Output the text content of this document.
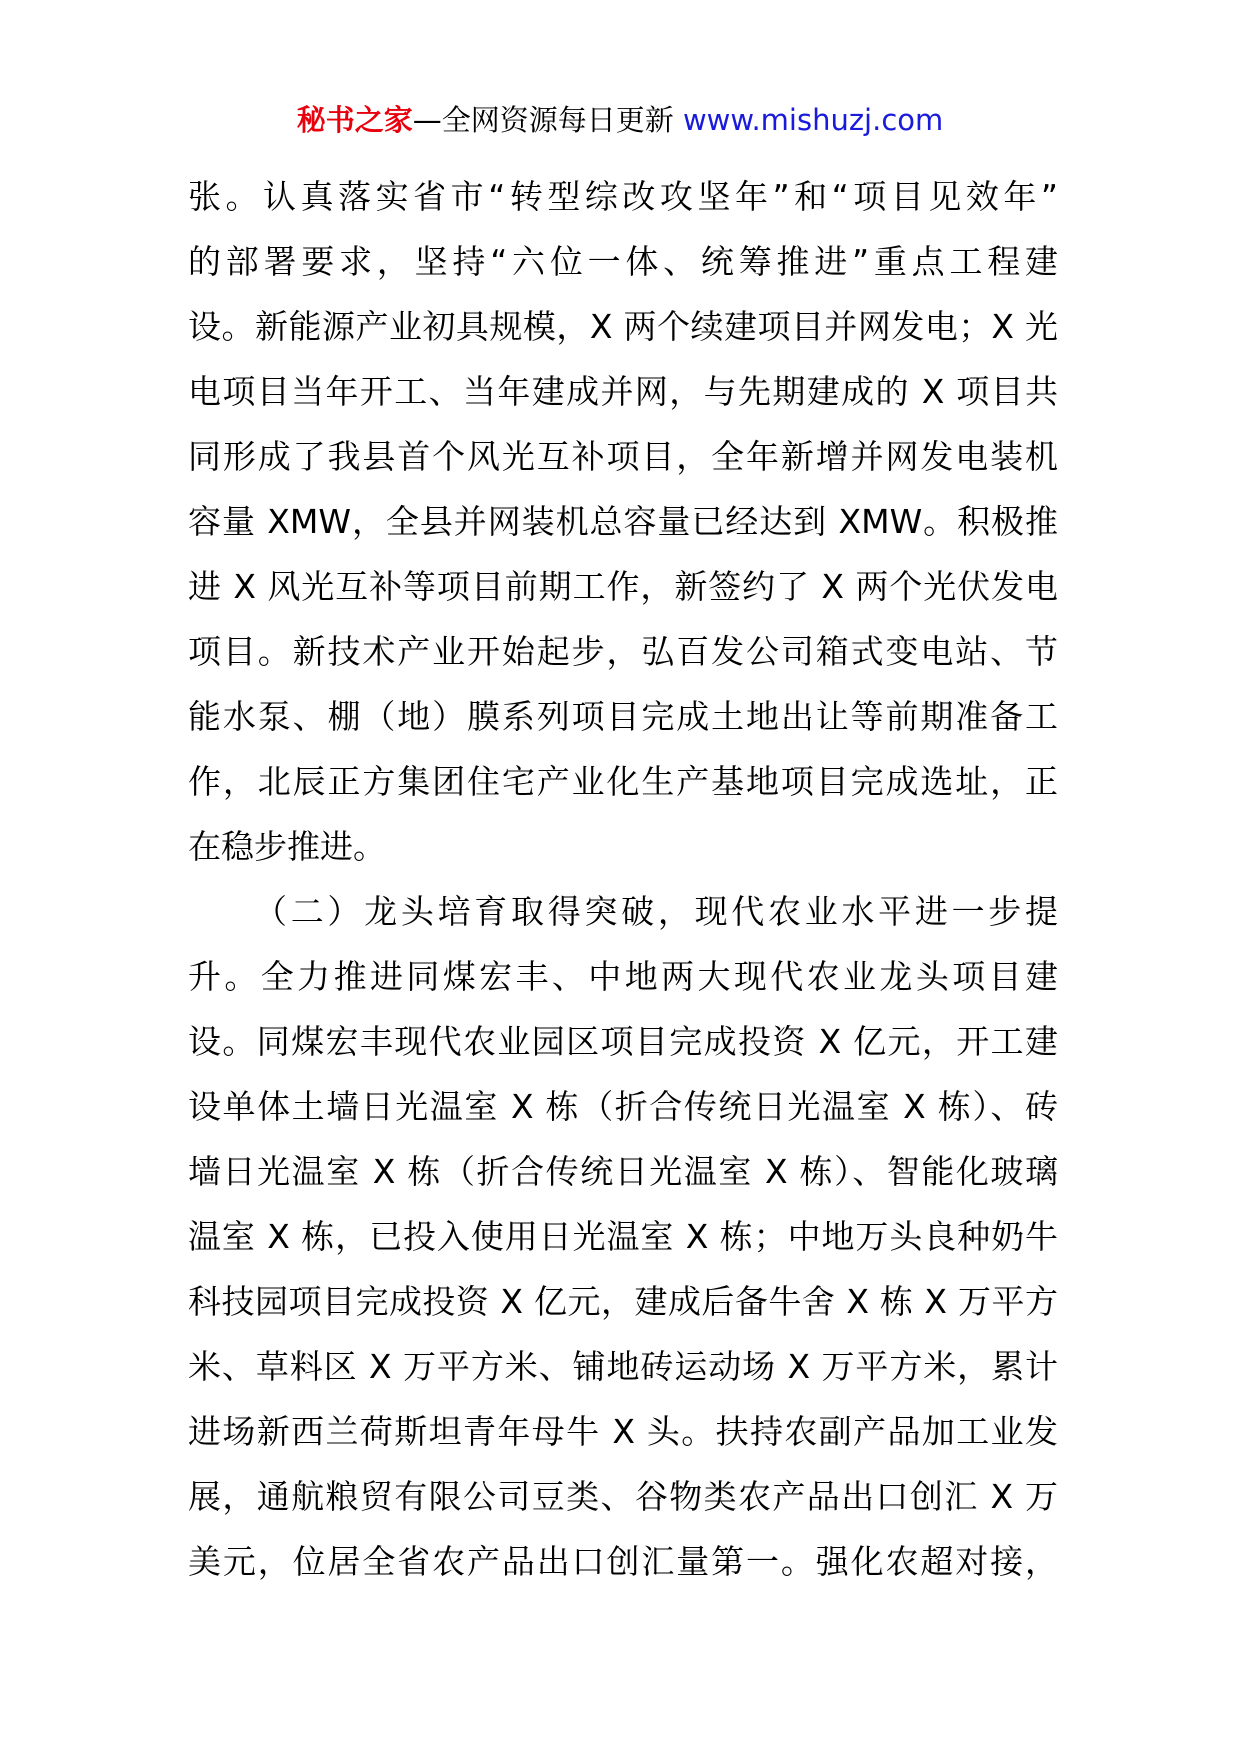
秘书之家—全网资源每日更新 www.mishuzj.com
张。认真落实省市“转型综改攻坚年”和“项目见效年”
的部署要求，坚持“六位一体、统筹推进”重点工程建
设。新能源产业初具规模，X 两个续建项目并网发电；X 光
电项目当年开工、当年建成并网，与先期建成的 X 项目共
同形成了我县首个风光互补项目，全年新增并网发电装机
容量 XMW，全县并网装机总容量已经达到 XMW。积极推
进 X 风光互补等项目前期工作，新签约了 X 两个光伏发电
项目。新技术产业开始起步，弘百发公司箱式变电站、节
能水泵、棚（地）膜系列项目完成土地出让等前期准备工
作，北辰正方集团住宅产业化生产基地项目完成选址，正
在稳步推进。
（二）龙头培育取得突破，现代农业水平进一步提
升。全力推进同煤宏丰、中地两大现代农业龙头项目建
设。同煤宏丰现代农业园区项目完成投资 X 亿元，开工建
设单体土墙日光温室 X 栋（折合传统日光温室 X 栋）、砖
墙日光温室 X 栋（折合传统日光温室 X 栋）、智能化玻璃
温室 X 栋，已投入使用日光温室 X 栋；中地万头良种奶牛
科技园项目完成投资 X 亿元，建成后备牛舍 X 栋 X 万平方
米、草料区 X 万平方米、铺地砖运动场 X 万平方米，累计
进场新西兰荷斯坦青年母牛 X 头。扶持农副产品加工业发
展，通航粮贸有限公司豆类、谷物类农产品出口创汇 X 万
美元，位居全省农产品出口创汇量第一。强化农超对接，
